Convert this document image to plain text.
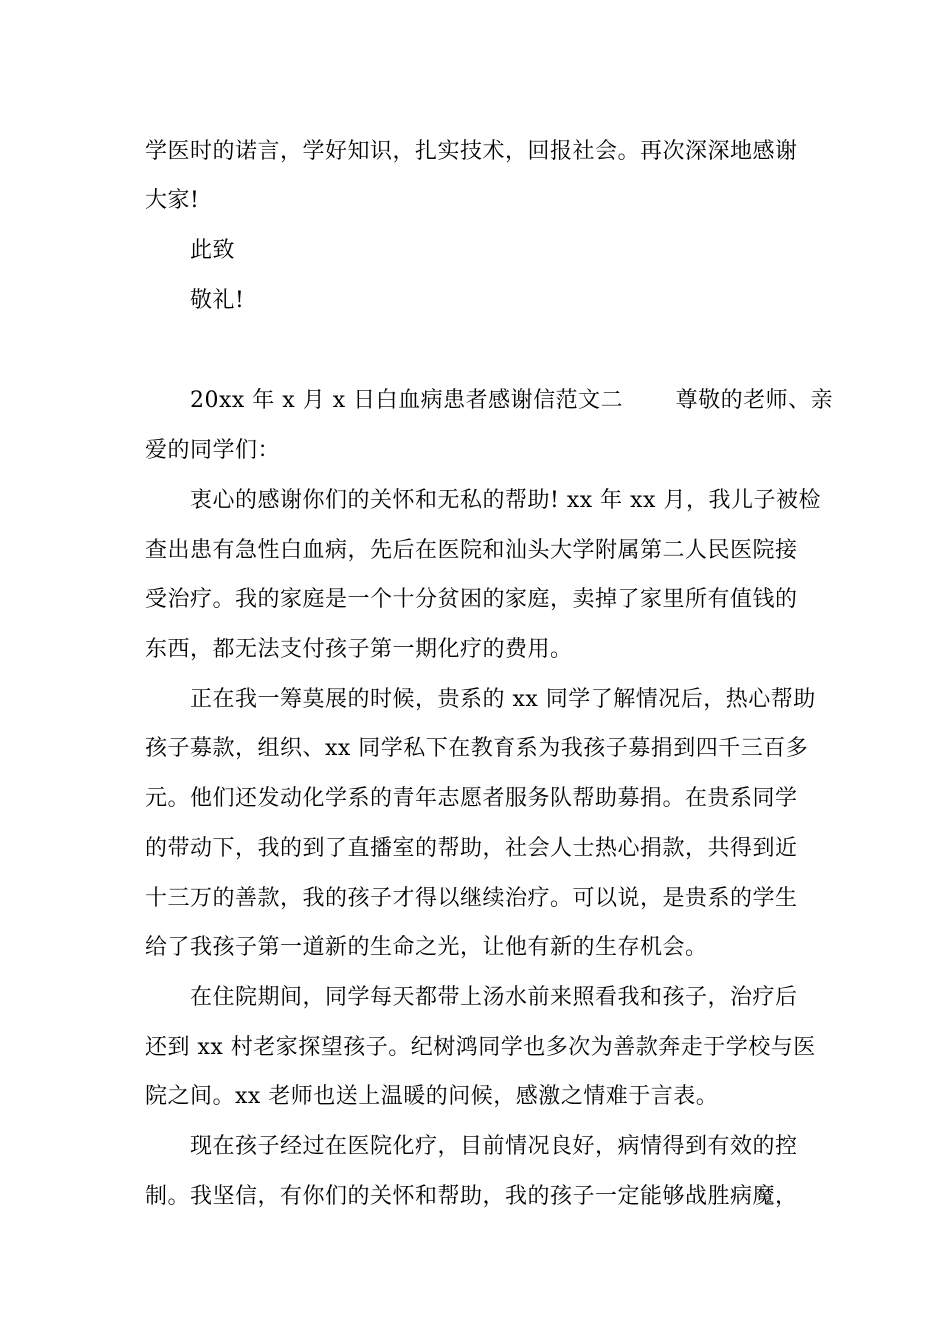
学医时的诺言，学好知识，扎实技术，回报社会。再次深深地感谢
大家!
此致
敬礼!
20xx 年 x 月 x 日白血病患者感谢信范文二　　 尊敬的老师、亲
爱的同学们：
衷心的感谢你们的关怀和无私的帮助! xx 年 xx 月，我儿子被检
查出患有急性白血病，先后在医院和汕头大学附属第二人民医院接
受治疗。我的家庭是一个十分贫困的家庭，卖掉了家里所有值钱的
东西，都无法支付孩子第一期化疗的费用。
正在我一筹莫展的时候，贵系的 xx 同学了解情况后，热心帮助
孩子募款，组织、xx 同学私下在教育系为我孩子募捐到四千三百多
元。他们还发动化学系的青年志愿者服务队帮助募捐。在贵系同学
的带动下，我的到了直播室的帮助，社会人士热心捐款，共得到近
十三万的善款，我的孩子才得以继续治疗。可以说，是贵系的学生
给了我孩子第一道新的生命之光，让他有新的生存机会。
在住院期间，同学每天都带上汤水前来照看我和孩子，治疗后
还到 xx 村老家探望孩子。纪树鸿同学也多次为善款奔走于学校与医
院之间。xx 老师也送上温暖的问候，感激之情难于言表。
现在孩子经过在医院化疗，目前情况良好，病情得到有效的控
制。我坚信，有你们的关怀和帮助，我的孩子一定能够战胜病魔，
